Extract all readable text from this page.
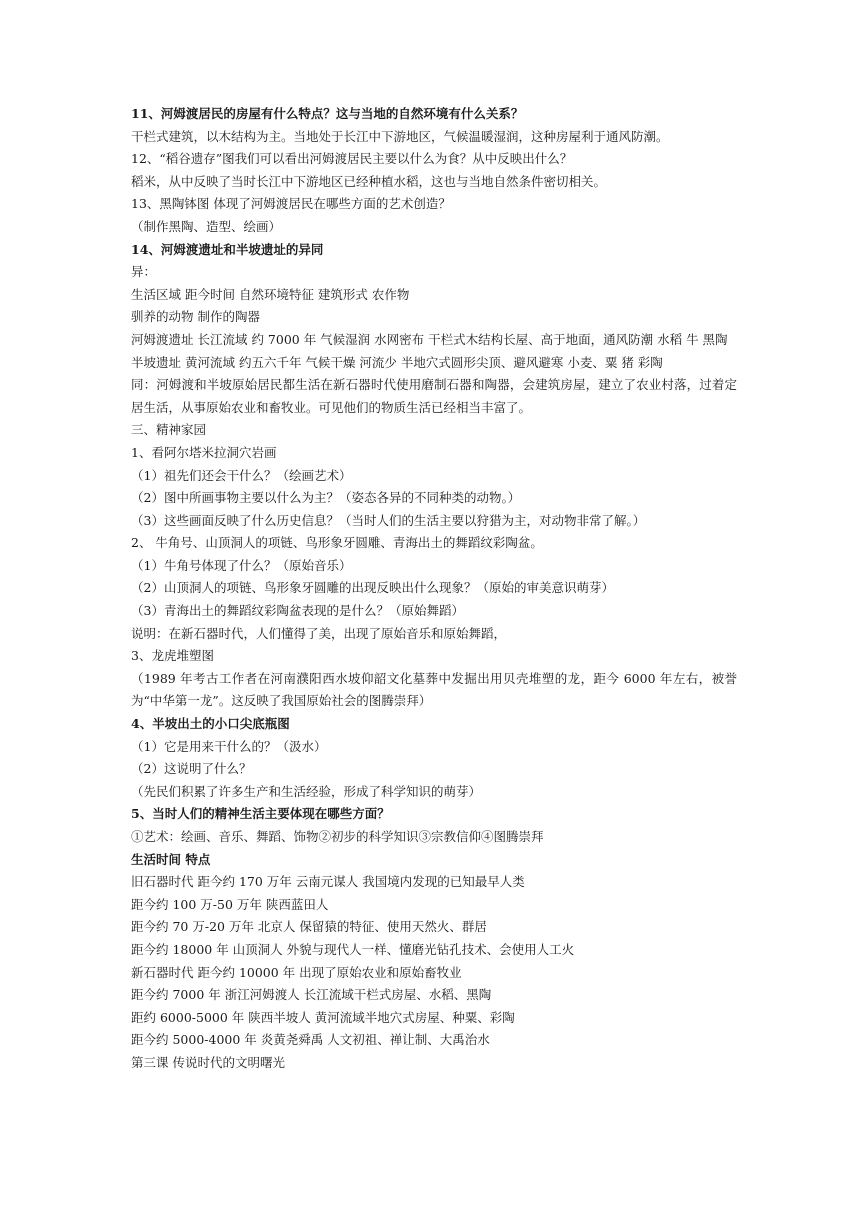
11、河姆渡居民的房屋有什么特点？这与当地的自然环境有什么关系？
干栏式建筑，以木结构为主。当地处于长江中下游地区，气候温暖湿润，这种房屋利于通风防潮。
12、“稻谷遗存”图我们可以看出河姆渡居民主要以什么为食？从中反映出什么？
稻米，从中反映了当时长江中下游地区已经种植水稻，这也与当地自然条件密切相关。
13、黑陶钵图 体现了河姆渡居民在哪些方面的艺术创造？
（制作黑陶、造型、绘画）
14、河姆渡遗址和半坡遗址的异同
异：
生活区域 距今时间 自然环境特征 建筑形式 农作物
驯养的动物 制作的陶器
河姆渡遗址 长江流域 约 7000 年 气候湿润 水网密布 干栏式木结构长屋、高于地面，通风防潮 水稻 牛 黑陶
半坡遗址 黄河流域 约五六千年 气候干燥 河流少 半地穴式圆形尖顶、避风避寒 小麦、粟 猪 彩陶
同：河姆渡和半坡原始居民都生活在新石器时代使用磨制石器和陶器，会建筑房屋，建立了农业村落，过着定居生活，从事原始农业和畜牧业。可见他们的物质生活已经相当丰富了。
三、精神家园
1、看阿尔塔米拉洞穴岩画
（1）祖先们还会干什么？（绘画艺术）
（2）图中所画事物主要以什么为主？（姿态各异的不同种类的动物。）
（3）这些画面反映了什么历史信息？（当时人们的生活主要以狩猎为主，对动物非常了解。）
2、 牛角号、山顶洞人的项链、鸟形象牙圆雕、青海出土的舞蹈纹彩陶盆。
（1）牛角号体现了什么？（原始音乐）
（2）山顶洞人的项链、鸟形象牙圆雕的出现反映出什么现象？（原始的审美意识萌芽）
（3）青海出土的舞蹈纹彩陶盆表现的是什么？（原始舞蹈）
说明：在新石器时代，人们懂得了美，出现了原始音乐和原始舞蹈，
3、龙虎堆塑图
（1989 年考古工作者在河南濮阳西水坡仰韶文化墓葬中发掘出用贝壳堆塑的龙，距今 6000 年左右，被誉为“中华第一龙”。这反映了我国原始社会的图腾崇拜）
4、半坡出土的小口尖底瓶图
（1）它是用来干什么的？（汲水）
（2）这说明了什么？
（先民们积累了许多生产和生活经验，形成了科学知识的萌芽）
5、当时人们的精神生活主要体现在哪些方面？
①艺术：绘画、音乐、舞蹈、饰物②初步的科学知识③宗教信仰④图腾崇拜
生活时间 特点
旧石器时代 距今约 170 万年 云南元谋人 我国境内发现的已知最早人类
距今约 100 万-50 万年 陕西蓝田人
距今约 70 万-20 万年 北京人 保留猿的特征、使用天然火、群居
距今约 18000 年 山顶洞人 外貌与现代人一样、懂磨光钻孔技术、会使用人工火
新石器时代 距今约 10000 年 出现了原始农业和原始畜牧业
距今约 7000 年 浙江河姆渡人 长江流域干栏式房屋、水稻、黑陶
距约 6000-5000 年 陕西半坡人 黄河流域半地穴式房屋、种粟、彩陶
距今约 5000-4000 年 炎黄尧舜禹 人文初祖、禅让制、大禹治水
第三课 传说时代的文明曙光
